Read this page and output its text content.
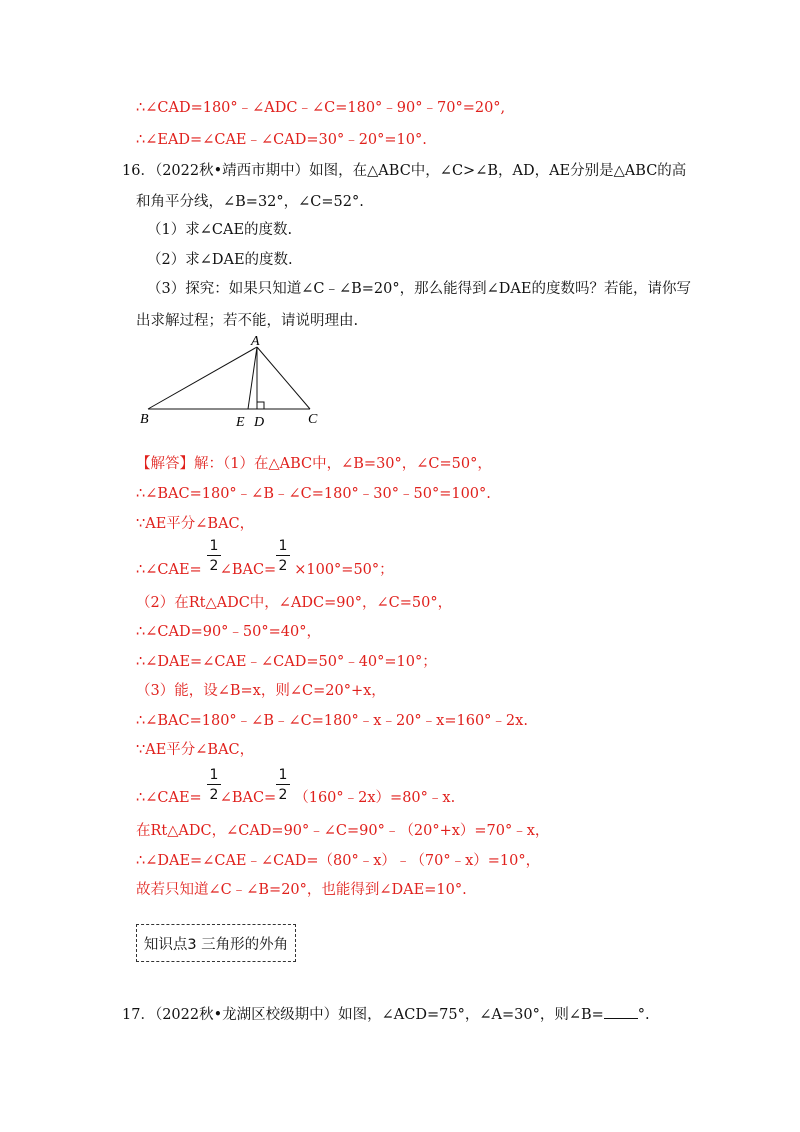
∴∠CAD=180°﹣∠ADC﹣∠C=180°﹣90°﹣70°=20°,
∴∠EAD=∠CAE﹣∠CAD=30°﹣20°=10°.
16．（2022秋•靖西市期中）如图，在△ABC中，∠C>∠B，AD，AE分别是△ABC的高
和角平分线，∠B=32°，∠C=52°.
（1）求∠CAE的度数.
（2）求∠DAE的度数.
（3）探究：如果只知道∠C﹣∠B=20°，那么能得到∠DAE的度数吗？若能，请你写
出求解过程；若不能，请说明理由.
A
B	C
E D
【解答】解：（1）在△ABC中，∠B=30°，∠C=50°，
∴∠BAC=180°﹣∠B﹣∠C=180°﹣30°﹣50°=100°.
∵AE平分∠BAC，
∴∠CAE= ∠BAC= ×100°=50°；
1
2
1
2
（2）在Rt△ADC中，∠ADC=90°，∠C=50°，
∴∠CAD=90°﹣50°=40°，
∴∠DAE=∠CAE﹣∠CAD=50°﹣40°=10°；
（3）能，设∠B=x，则∠C=20°+x，
∴∠BAC=180°﹣∠B﹣∠C=180°﹣x﹣20°﹣x=160°﹣2x.
∵AE平分∠BAC，
∴∠CAE= ∠BAC= （160°﹣2x）=80°﹣x.
1
2
1
2
在Rt△ADC，∠CAD=90°﹣∠C=90°﹣（20°+x）=70°﹣x，
∴∠DAE=∠CAE﹣∠CAD=（80°﹣x）﹣（70°﹣x）=10°，
故若只知道∠C﹣∠B=20°，也能得到∠DAE=10°.
知识点3 三角形的外角
17．（2022秋•龙湖区校级期中）如图，∠ACD=75°，∠A=30°，则∠B= °.
